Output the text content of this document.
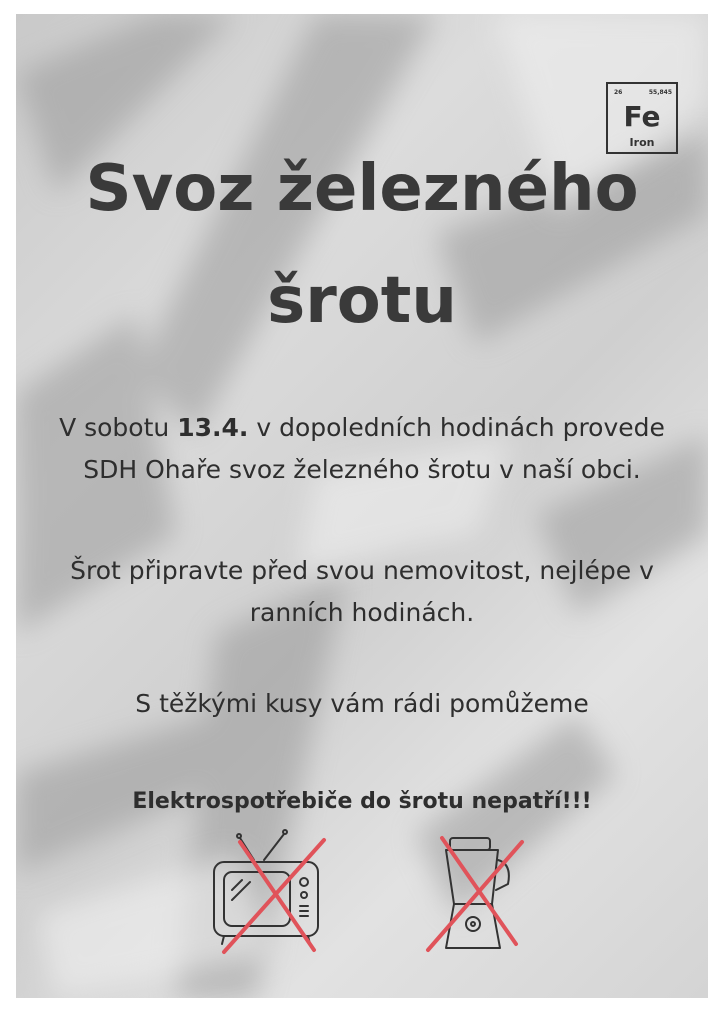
26	55,845
Fe
Iron
Svoz železného
šrotu

V sobotu 13.4. v dopoledních hodinách provede
SDH Ohaře svoz železného šrotu v naší obci.

Šrot připravte před svou nemovitost, nejlépe v
ranních hodinách.

S těžkými kusy vám rádi pomůžeme

Elektrospotřebiče do šrotu nepatří!!!
